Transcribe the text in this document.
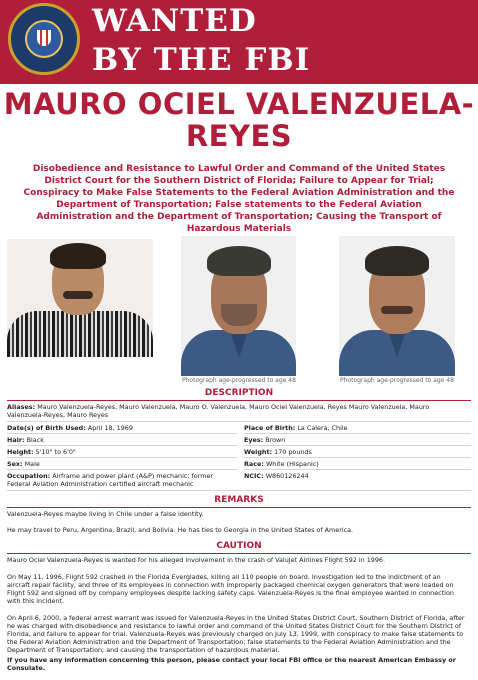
WANTED
BY THE FBI
MAURO OCIEL VALENZUELA-
REYES
Disobedience and Resistance to Lawful Order and Command of the United States
District Court for the Southern District of Florida; Failure to Appear for Trial;
Conspiracy to Make False Statements to the Federal Aviation Administration and the
Department of Transportation; False statements to the Federal Aviation
Administration and the Department of Transportation; Causing the Transport of
Hazardous Materials
Photograph age-progressed to age 48	Photograph age-progressed to age 48
DESCRIPTION
Aliases: Mauro Valenzuela-Reyes, Mauro Valenzuela, Mauro O. Valenzuela, Mauro Ociel Valenzuela, Reyes Mauro Valenzuela, Mauro
Valenzuela-Reyes, Mauro Reyes
Date(s) of Birth Used: April 18, 1969	Place of Birth: La Calera, Chile
Hair: Black	Eyes: Brown
Height: 5'10" to 6'0"	Weight: 170 pounds
Sex: Male	Race: White (Hispanic)
Occupation: Airframe and power plant (A&P) mechanic; former
Federal Aviation Administration certified aircraft mechanic
NCIC: W860126244
REMARKS
Valenzuela-Reyes maybe living in Chile under a false identity.
He may travel to Peru, Argentina, Brazil, and Bolivia. He has ties to Georgia in the United States of America.
CAUTION
Mauro Ociel Valenzuela-Reyes is wanted for his alleged involvement in the crash of ValuJet Airlines Flight 592 in 1996.
On May 11, 1996, Flight 592 crashed in the Florida Everglades, killing all 110 people on board. Investigation led to the indictment of an
aircraft repair facility, and three of its employees in connection with improperly packaged chemical oxygen generators that were loaded on
Flight 592 and signed off by company employees despite lacking safety caps. Valenzuela-Reyes is the final employee wanted in connection
with this incident.
On April 6, 2000, a federal arrest warrant was issued for Valenzuela-Reyes in the United States District Court, Southern District of Florida, after
he was charged with disobedience and resistance to lawful order and command of the United States District Court for the Southern District of
Florida, and failure to appear for trial. Valenzuela-Reyes was previously charged on July 13, 1999, with conspiracy to make false statements to
the Federal Aviation Administration and the Department of Transportation; false statements to the Federal Aviation Administration and the
Department of Transportation; and causing the transportation of hazardous material.
If you have any information concerning this person, please contact your local FBI office or the nearest American Embassy or
Consulate.
